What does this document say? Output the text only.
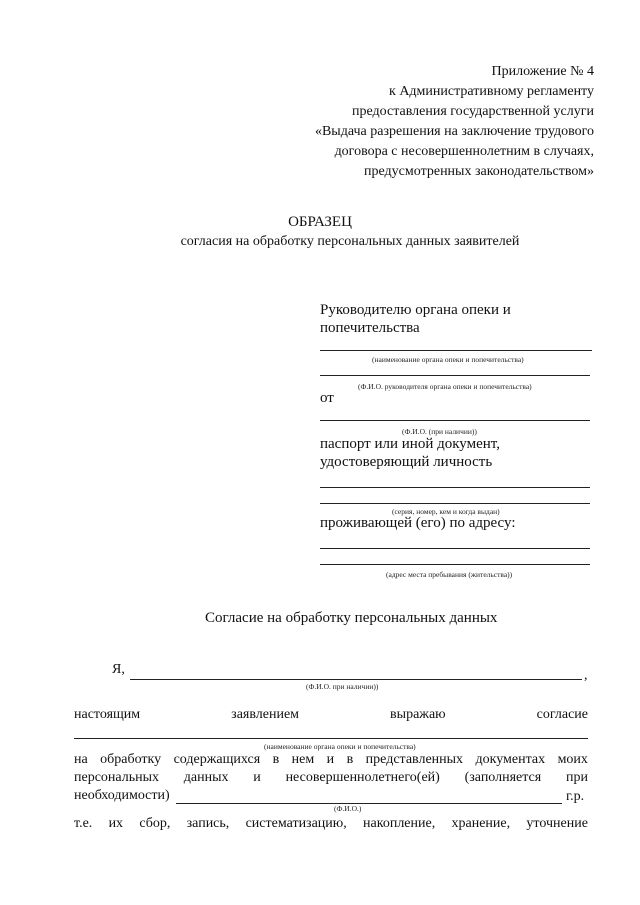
Приложение № 4
к Административному регламенту
предоставления государственной услуги
«Выдача разрешения на заключение трудового
договора с несовершеннолетним в случаях,
предусмотренных законодательством»
ОБРАЗЕЦ
согласия на обработку персональных данных заявителей
Руководителю органа опеки и
попечительства
(наименование органа опеки и попечительства)
(Ф.И.О. руководителя органа опеки и попечительства)
от
(Ф.И.О. (при наличии))
паспорт или иной документ,
удостоверяющий личность
(серия, номер, кем и когда выдан)
проживающей (его) по адресу:
(адрес места пребывания (жительства))
Согласие на обработку персональных данных
Я,	,
(Ф.И.О. при наличии))
настоящим	заявлением	выражаю	согласие
(наименование органа опеки и попечительства)
на обработку содержащихся в нем и в представленных документах моих
персональных данных и несовершеннолетнего(ей) (заполняется при
необходимости)	г.р.
(Ф.И.О.)
т.е. их сбор, запись, систематизацию, накопление, хранение, уточнение
